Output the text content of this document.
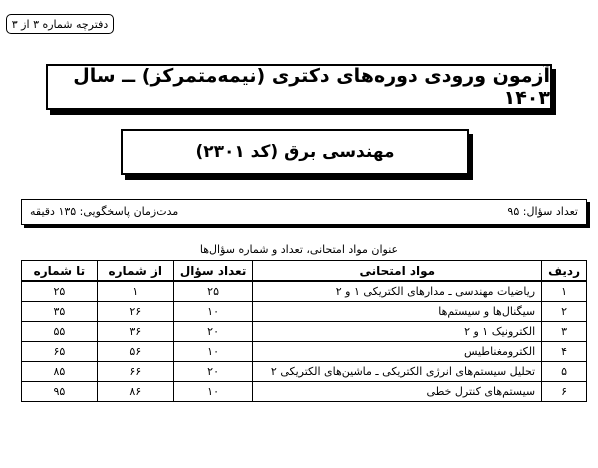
دفترچه شماره ۳ از ۳
آزمون ورودی دوره‌های دکتری (نیمه‌متمرکز) ــ سال ۱۴۰۳
مهندسی برق (کد ۲۳۰۱)
تعداد سؤال: ۹۵
مدت‌زمان پاسخگویی: ۱۳۵ دقیقه
عنوان مواد امتحانی، تعداد و شماره سؤال‌ها
ردیف	مواد امتحانی	تعداد سؤال	از شماره	تا شماره
۱	ریاضیات مهندسی ـ مدارهای الکتریکی ۱ و ۲	۲۵	۱	۲۵
۲	سیگنال‌ها و سیستم‌ها	۱۰	۲۶	۳۵
۳	الکترونیک ۱ و ۲	۲۰	۳۶	۵۵
۴	الکترومغناطیس	۱۰	۵۶	۶۵
۵	تحلیل سیستم‌های انرژی الکتریکی ـ ماشین‌های الکتریکی ۲	۲۰	۶۶	۸۵
۶	سیستم‌های کنترل خطی	۱۰	۸۶	۹۵
